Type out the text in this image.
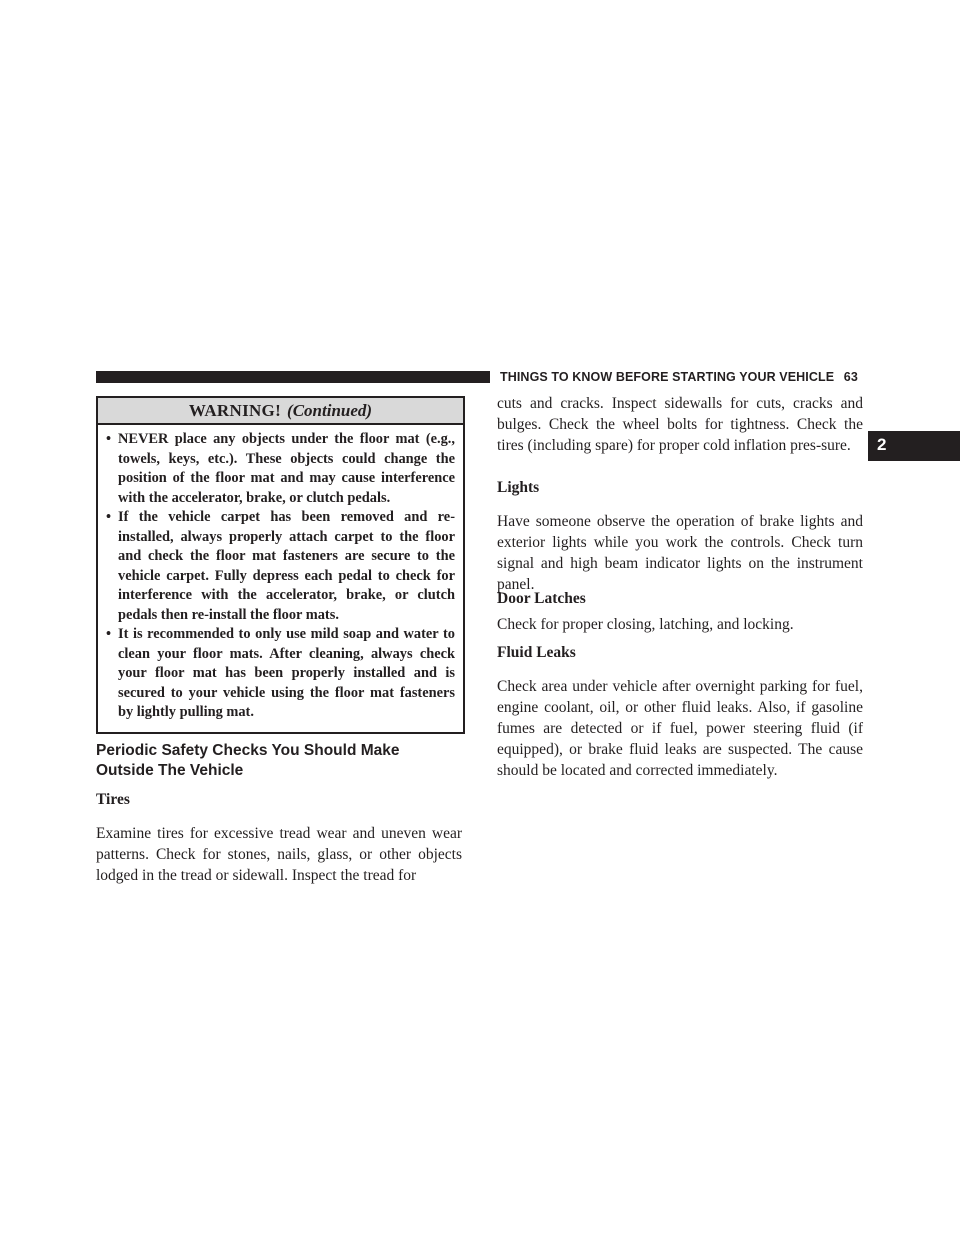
THINGS TO KNOW BEFORE STARTING YOUR VEHICLE 63
2
WARNING! (Continued)
• NEVER place any objects under the floor mat (e.g., towels, keys, etc.). These objects could change the position of the floor mat and may cause interference with the accelerator, brake, or clutch pedals.
• If the vehicle carpet has been removed and re-installed, always properly attach carpet to the floor and check the floor mat fasteners are secure to the vehicle carpet. Fully depress each pedal to check for interference with the accelerator, brake, or clutch pedals then re-install the floor mats.
• It is recommended to only use mild soap and water to clean your floor mats. After cleaning, always check your floor mat has been properly installed and is secured to your vehicle using the floor mat fasteners by lightly pulling mat.
Periodic Safety Checks You Should Make
Outside The Vehicle
Tires
Examine tires for excessive tread wear and uneven wear patterns. Check for stones, nails, glass, or other objects lodged in the tread or sidewall. Inspect the tread for
cuts and cracks. Inspect sidewalls for cuts, cracks and bulges. Check the wheel bolts for tightness. Check the tires (including spare) for proper cold inflation pres-sure.
Lights
Have someone observe the operation of brake lights and exterior lights while you work the controls. Check turn signal and high beam indicator lights on the instrument panel.
Door Latches
Check for proper closing, latching, and locking.
Fluid Leaks
Check area under vehicle after overnight parking for fuel, engine coolant, oil, or other fluid leaks. Also, if gasoline fumes are detected or if fuel, power steering fluid (if equipped), or brake fluid leaks are suspected. The cause should be located and corrected immediately.
